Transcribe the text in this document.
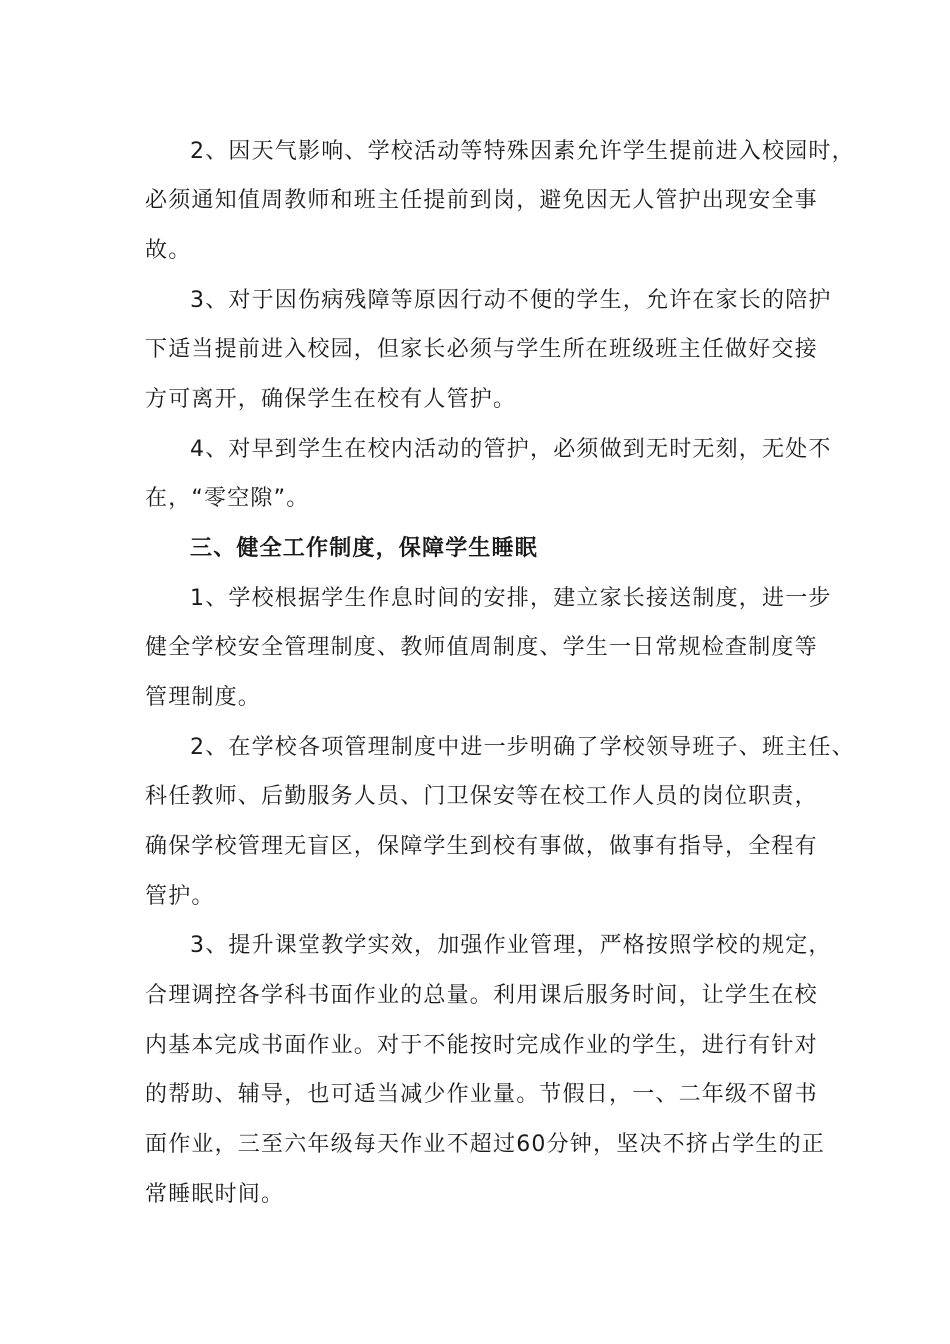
2、因天气影响、学校活动等特殊因素允许学生提前进入校园时，
必须通知值周教师和班主任提前到岗，避免因无人管护出现安全事
故。
3、对于因伤病残障等原因行动不便的学生，允许在家长的陪护
下适当提前进入校园，但家长必须与学生所在班级班主任做好交接
方可离开，确保学生在校有人管护。
4、对早到学生在校内活动的管护，必须做到无时无刻，无处不
在，“零空隙”。
三、健全工作制度，保障学生睡眠
1、学校根据学生作息时间的安排，建立家长接送制度，进一步
健全学校安全管理制度、教师值周制度、学生一日常规检查制度等
管理制度。
2、在学校各项管理制度中进一步明确了学校领导班子、班主任、
科任教师、后勤服务人员、门卫保安等在校工作人员的岗位职责，
确保学校管理无盲区，保障学生到校有事做，做事有指导，全程有
管护。
3、提升课堂教学实效，加强作业管理，严格按照学校的规定，
合理调控各学科书面作业的总量。利用课后服务时间，让学生在校
内基本完成书面作业。对于不能按时完成作业的学生，进行有针对
的帮助、辅导，也可适当减少作业量。节假日，一、二年级不留书
面作业，三至六年级每天作业不超过60分钟，坚决不挤占学生的正
常睡眠时间。
